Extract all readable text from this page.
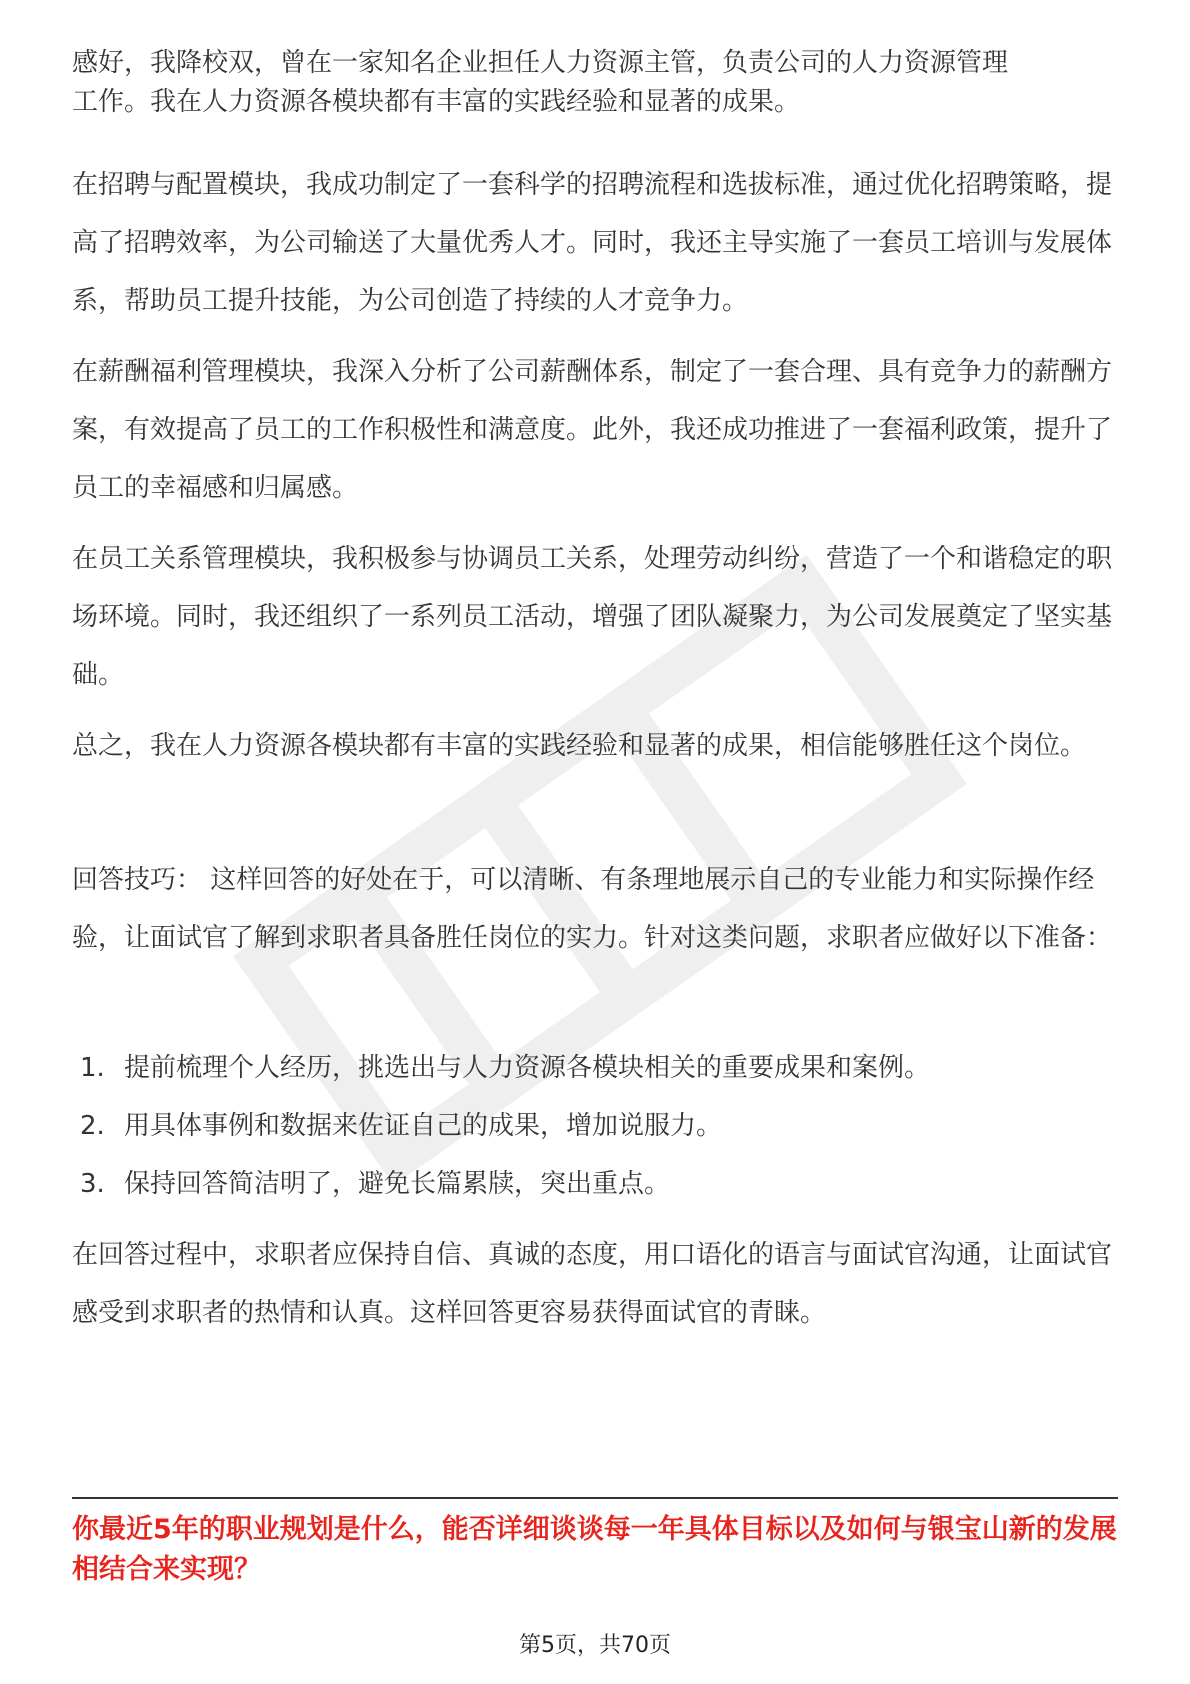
感好，我降校双，曾在一家知名企业担任人力资源主管，负责公司的人力资源管理

工作。我在人力资源各模块都有丰富的实践经验和显著的成果。

在招聘与配置模块，我成功制定了一套科学的招聘流程和选拔标准，通过优化招聘策略，提高了招聘效率，为公司输送了大量优秀人才。同时，我还主导实施了一套员工培训与发展体系，帮助员工提升技能，为公司创造了持续的人才竞争力。

在薪酬福利管理模块，我深入分析了公司薪酬体系，制定了一套合理、具有竞争力的薪酬方案，有效提高了员工的工作积极性和满意度。此外，我还成功推进了一套福利政策，提升了员工的幸福感和归属感。

在员工关系管理模块，我积极参与协调员工关系，处理劳动纠纷，营造了一个和谐稳定的职场环境。同时，我还组织了一系列员工活动，增强了团队凝聚力，为公司发展奠定了坚实基础。

总之，我在人力资源各模块都有丰富的实践经验和显著的成果，相信能够胜任这个岗位。

回答技巧： 这样回答的好处在于，可以清晰、有条理地展示自己的专业能力和实际操作经验，让面试官了解到求职者具备胜任岗位的实力。针对这类问题，求职者应做好以下准备：

1. 提前梳理个人经历，挑选出与人力资源各模块相关的重要成果和案例。
2. 用具体事例和数据来佐证自己的成果，增加说服力。
3. 保持回答简洁明了，避免长篇累牍，突出重点。

在回答过程中，求职者应保持自信、真诚的态度，用口语化的语言与面试官沟通，让面试官感受到求职者的热情和认真。这样回答更容易获得面试官的青睐。

你最近5年的职业规划是什么，能否详细谈谈每一年具体目标以及如何与银宝山新的发展相结合来实现？

第5页，共70页
